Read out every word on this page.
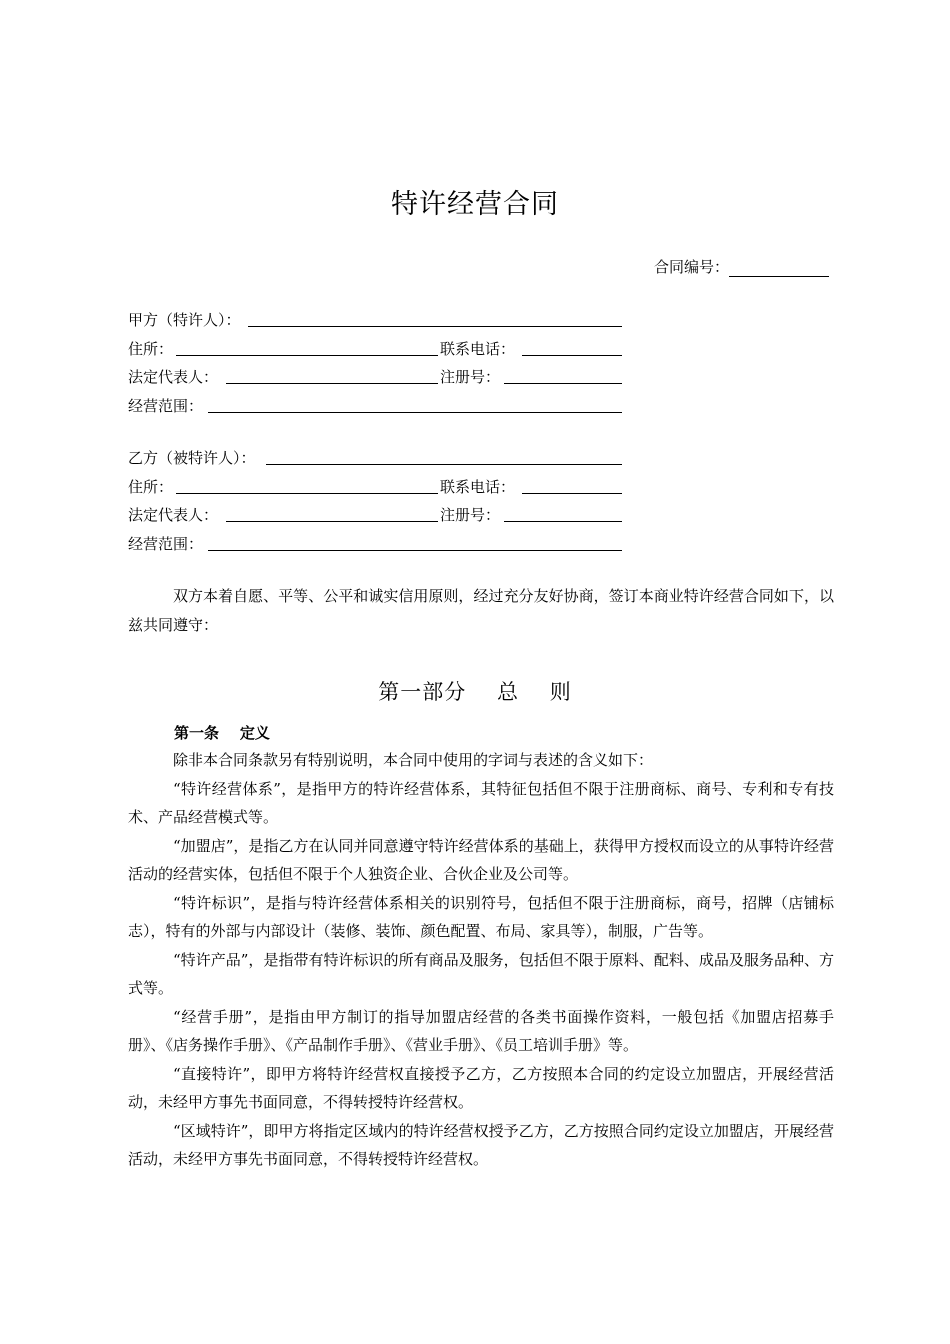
特许经营合同
合同编号：
甲方（特许人）：
住所：	联系电话：
法定代表人：	注册号：
经营范围：
乙方（被特许人）：
住所：	联系电话：
法定代表人：	注册号：
经营范围：
双方本着自愿、平等、公平和诚实信用原则，经过充分友好协商，签订本商业特许经营合同如下，以兹共同遵守：
第一部分    总    则
第一条    定义

除非本合同条款另有特别说明，本合同中使用的字词与表述的含义如下：

“特许经营体系”，是指甲方的特许经营体系，其特征包括但不限于注册商标、商号、专利和专有技术、产品经营模式等。

“加盟店”，是指乙方在认同并同意遵守特许经营体系的基础上，获得甲方授权而设立的从事特许经营活动的经营实体，包括但不限于个人独资企业、合伙企业及公司等。

“特许标识”，是指与特许经营体系相关的识别符号，包括但不限于注册商标，商号，招牌（店铺标志），特有的外部与内部设计（装修、装饰、颜色配置、布局、家具等），制服，广告等。

“特许产品”，是指带有特许标识的所有商品及服务，包括但不限于原料、配料、成品及服务品种、方式等。

“经营手册”，是指由甲方制订的指导加盟店经营的各类书面操作资料，一般包括《加盟店招募手册》、《店务操作手册》、《产品制作手册》、《营业手册》、《员工培训手册》等。

“直接特许”，即甲方将特许经营权直接授予乙方，乙方按照本合同的约定设立加盟店，开展经营活动，未经甲方事先书面同意，不得转授特许经营权。

“区域特许”，即甲方将指定区域内的特许经营权授予乙方，乙方按照合同约定设立加盟店，开展经营活动，未经甲方事先书面同意，不得转授特许经营权。
